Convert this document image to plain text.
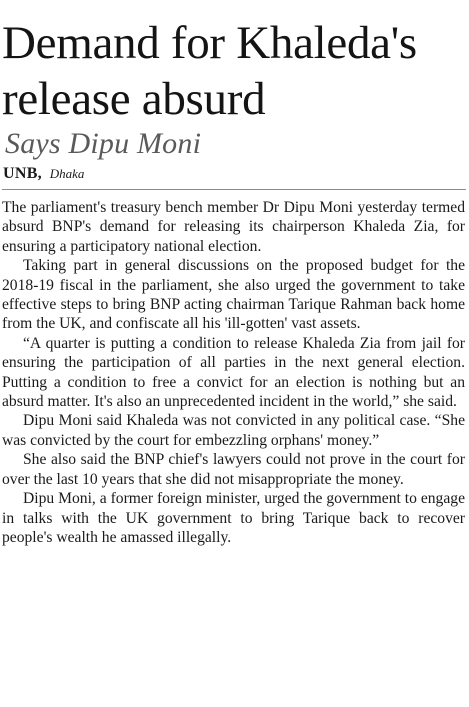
Demand for Khaleda's release absurd
Says Dipu Moni
UNB, Dhaka

The parliament's treasury bench member Dr Dipu Moni yesterday termed absurd BNP's demand for releasing its chairperson Khaleda Zia, for ensuring a participatory national election.

Taking part in general discussions on the proposed budget for the 2018-19 fiscal in the parliament, she also urged the government to take effective steps to bring BNP acting chairman Tarique Rahman back home from the UK, and confiscate all his 'ill-gotten' vast assets.

“A quarter is putting a condition to release Khaleda Zia from jail for ensuring the participation of all parties in the next general election. Putting a condition to free a convict for an election is nothing but an absurd matter. It's also an unprecedented incident in the world,” she said.

Dipu Moni said Khaleda was not convicted in any political case. “She was convicted by the court for embezzling orphans' money.”

She also said the BNP chief's lawyers could not prove in the court for over the last 10 years that she did not misappropriate the money.

Dipu Moni, a former foreign minister, urged the government to engage in talks with the UK government to bring Tarique back to recover people's wealth he amassed illegally.
